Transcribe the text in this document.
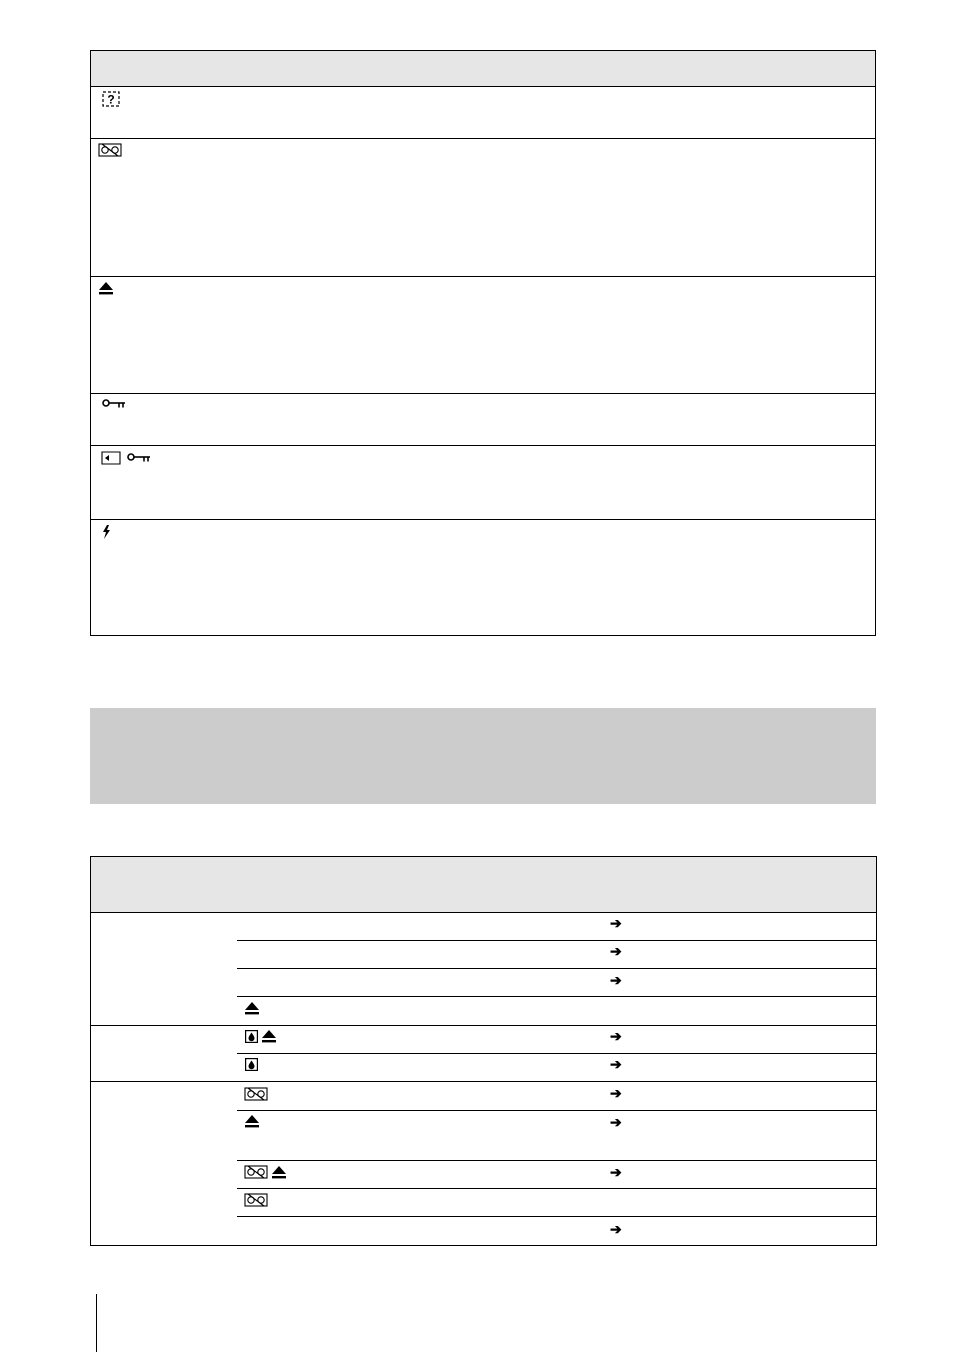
?
➔
➔
➔
➔
➔
➔
➔
➔
➔
